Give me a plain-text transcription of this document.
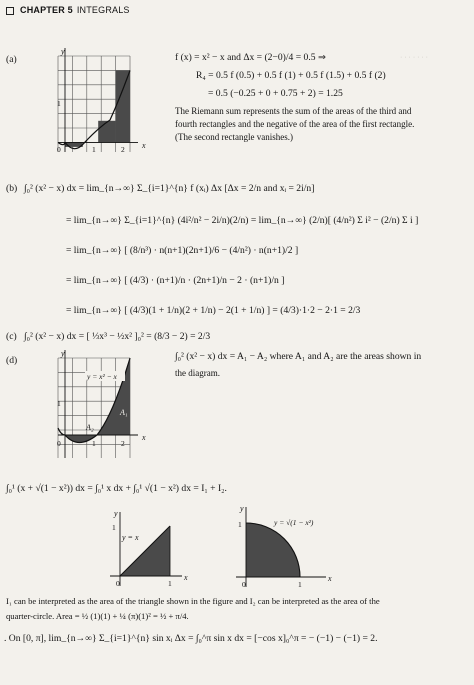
CHAPTER 5 INTEGRALS
· · · · · · ·
(a)
y
x
0	1	2
1
f (x) = x² − x and Δx = (2−0)/4 = 0.5 ⇒
R₄ = 0.5 f (0.5) + 0.5 f (1) + 0.5 f (1.5) + 0.5 f (2)
= 0.5 (−0.25 + 0 + 0.75 + 2) = 1.25
The Riemann sum represents the sum of the areas of the third and
fourth rectangles and the negative of the area of the first rectangle.
(The second rectangle vanishes.)
(b) ∫₀² (x² − x) dx = lim_{n→∞} Σ_{i=1}^{n} f (xᵢ) Δx [Δx = 2/n and xᵢ = 2i/n]
= lim_{n→∞} Σ_{i=1}^{n} (4i²/n² − 2i/n)(2/n) = lim_{n→∞} (2/n)[ (4/n²) Σ i² − (2/n) Σ i ]
= lim_{n→∞} [ (8/n³) · n(n+1)(2n+1)/6 − (4/n²) · n(n+1)/2 ]
= lim_{n→∞} [ (4/3) · (n+1)/n · (2n+1)/n − 2 · (n+1)/n ]
= lim_{n→∞} [ (4/3)(1 + 1/n)(2 + 1/n) − 2(1 + 1/n) ] = (4/3)·1·2 − 2·1 = 2/3
(c) ∫₀² (x² − x) dx = [ ⅓x³ − ½x² ]₀² = (8/3 − 2) = 2/3
(d)
y = x² − x
A₁
A₂
y
x
0	1	2
1
∫₀² (x² − x) dx = A₁ − A₂ where A₁ and A₂ are the areas shown in
the diagram.
∫₀¹ (x + √(1 − x²)) dx = ∫₀¹ x dx + ∫₀¹ √(1 − x²) dx = I₁ + I₂.
y = x
y
x
0	1
1
y = √(1 − x²)
y
x
0	1
1
I₁ can be interpreted as the area of the triangle shown in the figure and I₂ can be interpreted as the area of the
quarter-circle. Area = ½ (1)(1) + ¼ (π)(1)² = ½ + π/4.
. On [0, π], lim_{n→∞} Σ_{i=1}^{n} sin xᵢ Δx = ∫₀^π sin x dx = [−cos x]₀^π = − (−1) − (−1) = 2.
